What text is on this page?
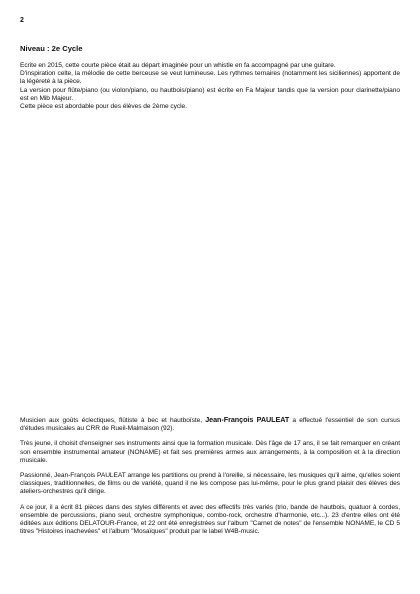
2
Niveau : 2e Cycle

Ecrite en 2015, cette courte pièce était au départ imaginée pour un whistle en fa accompagné par une guitare.

D'inspiration celte, la mélodie de cette berceuse se veut lumineuse. Les rythmes ternaires (notamment les siciliennes) apportent de la légèreté à la pièce.

La version pour flûte/piano (ou violon/piano, ou hautbois/piano) est écrite en Fa Majeur tandis que la version pour clarinette/piano est en Mib Majeur.

Cette pièce est abordable pour des élèves de 2ème cycle.

Musicien aux goûts éclectiques, flûtiste à bec et hautboïste, Jean-François PAULEAT a effectué l'essentiel de son cursus d'études musicales au CRR de Rueil-Malmaison (92).

Très jeune, il choisit d'enseigner ses instruments ainsi que la formation musicale. Dès l'âge de 17 ans, il se fait remarquer en créant son ensemble instrumental amateur (NONAME) et fait ses premières armes aux arrangements, à la composition et à la direction musicale.

Passionné, Jean-François PAULEAT arrange les partitions ou prend à l'oreille, si nécessaire, les musiques qu'il aime, qu'elles soient classiques, traditionnelles, de films ou de variété, quand il ne les compose pas lui-même, pour le plus grand plaisir des élèves des ateliers-orchestres qu'il dirige.

A ce jour, il a écrit 81 pièces dans des styles différents et avec des effectifs très variés (trio, bande de hautbois, quatuor à cordes, ensemble de percussions, piano seul, orchestre symphonique, combo-rock, orchestre d'harmonie, etc...). 23 d'entre elles ont été éditées aux éditions DELATOUR-France, et 22 ont été enregistrées sur l'album "Carnet de notes" de l'ensemble NONAME, le CD 5 titres "Histoires inachevées" et l'album "Mosaïques" produit par le label W4B-music.
